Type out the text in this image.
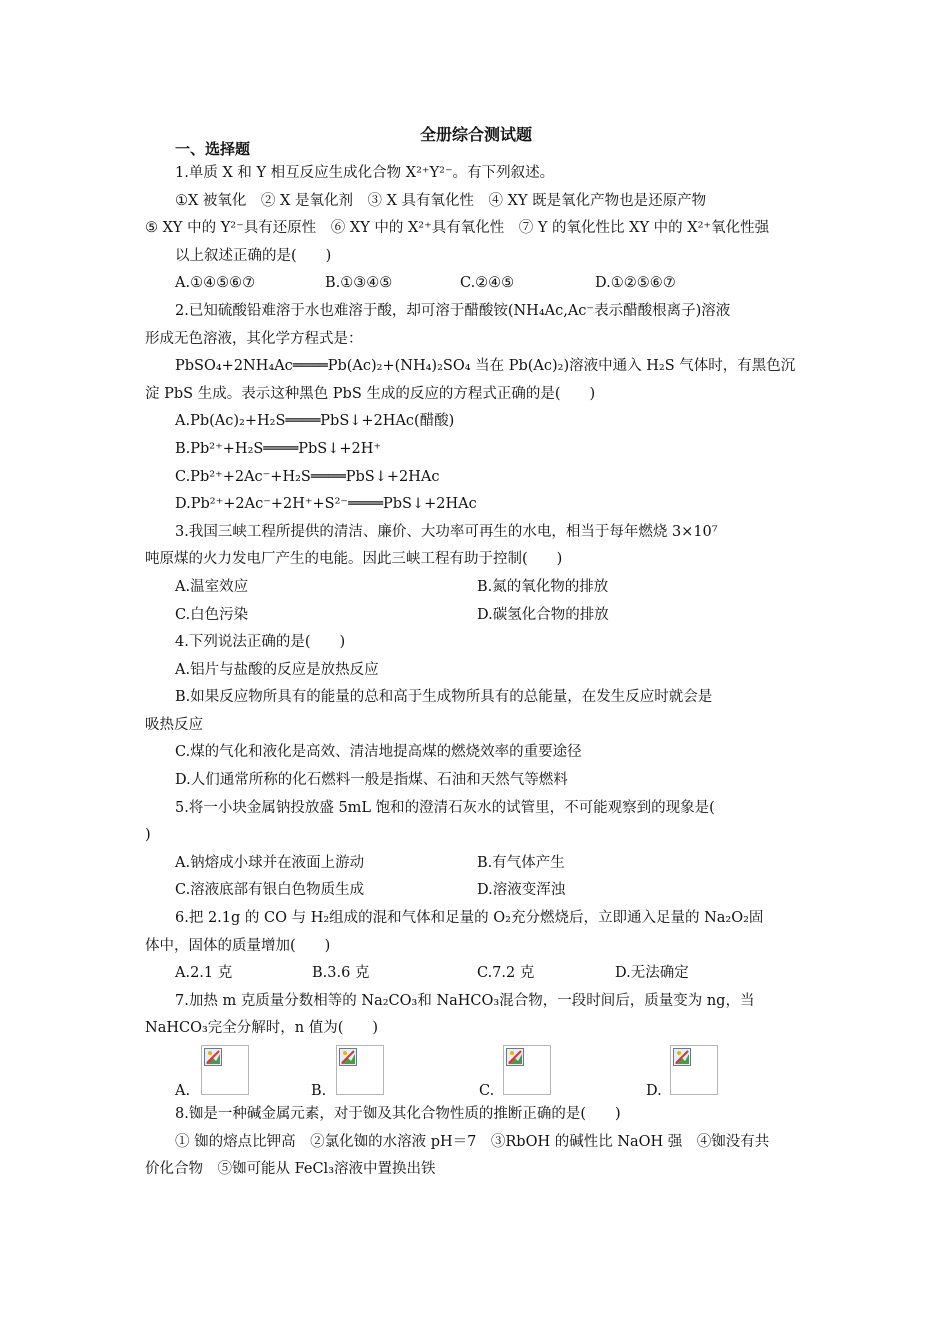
全册综合测试题
一、选择题
1.单质 X 和 Y 相互反应生成化合物 X²⁺Y²⁻。有下列叙述。
①X 被氧化　② X 是氧化剂　③ X 具有氧化性　④ XY 既是氧化产物也是还原产物
⑤ XY 中的 Y²⁻具有还原性　⑥ XY 中的 X²⁺具有氧化性　⑦ Y 的氧化性比 XY 中的 X²⁺氧化性强
以上叙述正确的是(　　)
A.①④⑤⑥⑦	B.①③④⑤	C.②④⑤	D.①②⑤⑥⑦
2.已知硫酸铅难溶于水也难溶于酸，却可溶于醋酸铵(NH₄Ac,Ac⁻表示醋酸根离子)溶液
形成无色溶液，其化学方程式是：
PbSO₄+2NH₄Ac════Pb(Ac)₂+(NH₄)₂SO₄ 当在 Pb(Ac)₂)溶液中通入 H₂S 气体时，有黑色沉
淀 PbS 生成。表示这种黑色 PbS 生成的反应的方程式正确的是(　　)
A.Pb(Ac)₂+H₂S════PbS↓+2HAc(醋酸)
B.Pb²⁺+H₂S════PbS↓+2H⁺
C.Pb²⁺+2Ac⁻+H₂S════PbS↓+2HAc
D.Pb²⁺+2Ac⁻+2H⁺+S²⁻════PbS↓+2HAc
3.我国三峡工程所提供的清洁、廉价、大功率可再生的水电，相当于每年燃烧 3×10⁷
吨原煤的火力发电厂产生的电能。因此三峡工程有助于控制(　　)
A.温室效应	B.氮的氧化物的排放
C.白色污染	D.碳氢化合物的排放
4.下列说法正确的是(　　)
A.铝片与盐酸的反应是放热反应
B.如果反应物所具有的能量的总和高于生成物所具有的总能量，在发生反应时就会是
吸热反应
C.煤的气化和液化是高效、清洁地提高煤的燃烧效率的重要途径
D.人们通常所称的化石燃料一般是指煤、石油和天然气等燃料
5.将一小块金属钠投放盛 5mL 饱和的澄清石灰水的试管里，不可能观察到的现象是(
)
A.钠熔成小球并在液面上游动	B.有气体产生
C.溶液底部有银白色物质生成	D.溶液变浑浊
6.把 2.1g 的 CO 与 H₂组成的混和气体和足量的 O₂充分燃烧后，立即通入足量的 Na₂O₂固
体中，固体的质量增加(　　)
A.2.1 克	B.3.6 克	C.7.2 克	D.无法确定
7.加热 m 克质量分数相等的 Na₂CO₃和 NaHCO₃混合物，一段时间后，质量变为 ng，当
NaHCO₃完全分解时，n 值为(　　)
A.	B.	C.	D.
8.铷是一种碱金属元素，对于铷及其化合物性质的推断正确的是(　　)
① 铷的熔点比钾高　②氯化铷的水溶液 pH＝7　③RbOH 的碱性比 NaOH 强　④铷没有共
价化合物　⑤铷可能从 FeCl₃溶液中置换出铁
